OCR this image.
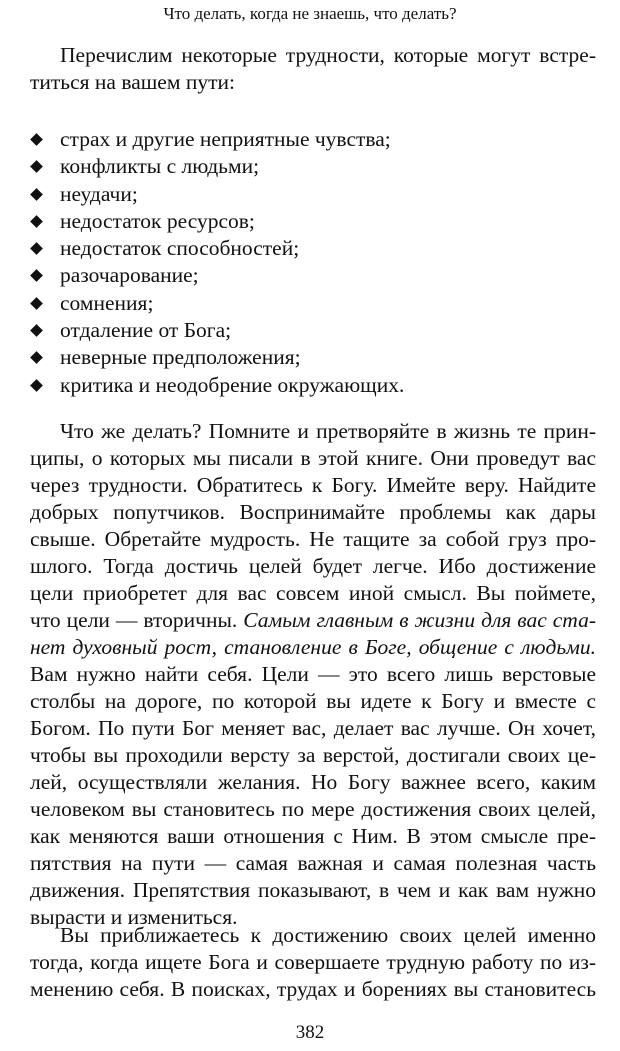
Что делать, когда не знаешь, что делать?
Перечислим некоторые трудности, которые могут встре-
титься на вашем пути:
страх и другие неприятные чувства;
конфликты с людьми;
неудачи;
недостаток ресурсов;
недостаток способностей;
разочарование;
сомнения;
отдаление от Бога;
неверные предположения;
критика и неодобрение окружающих.
Что же делать? Помните и претворяйте в жизнь те прин-
ципы, о которых мы писали в этой книге. Они проведут вас
через трудности. Обратитесь к Богу. Имейте веру. Найдите
добрых попутчиков. Воспринимайте проблемы как дары
свыше. Обретайте мудрость. Не тащите за собой груз про-
шлого. Тогда достичь целей будет легче. Ибо достижение
цели приобретет для вас совсем иной смысл. Вы поймете,
что цели — вторичны. Самым главным в жизни для вас ста-
нет духовный рост, становление в Боге, общение с людьми.
Вам нужно найти себя. Цели — это всего лишь верстовые
столбы на дороге, по которой вы идете к Богу и вместе с
Богом. По пути Бог меняет вас, делает вас лучше. Он хочет,
чтобы вы проходили версту за верстой, достигали своих це-
лей, осуществляли желания. Но Богу важнее всего, каким
человеком вы становитесь по мере достижения своих целей,
как меняются ваши отношения с Ним. В этом смысле пре-
пятствия на пути — самая важная и самая полезная часть
движения. Препятствия показывают, в чем и как вам нужно
вырасти и измениться.
Вы приближаетесь к достижению своих целей именно
тогда, когда ищете Бога и совершаете трудную работу по из-
менению себя. В поисках, трудах и борениях вы становитесь
382
